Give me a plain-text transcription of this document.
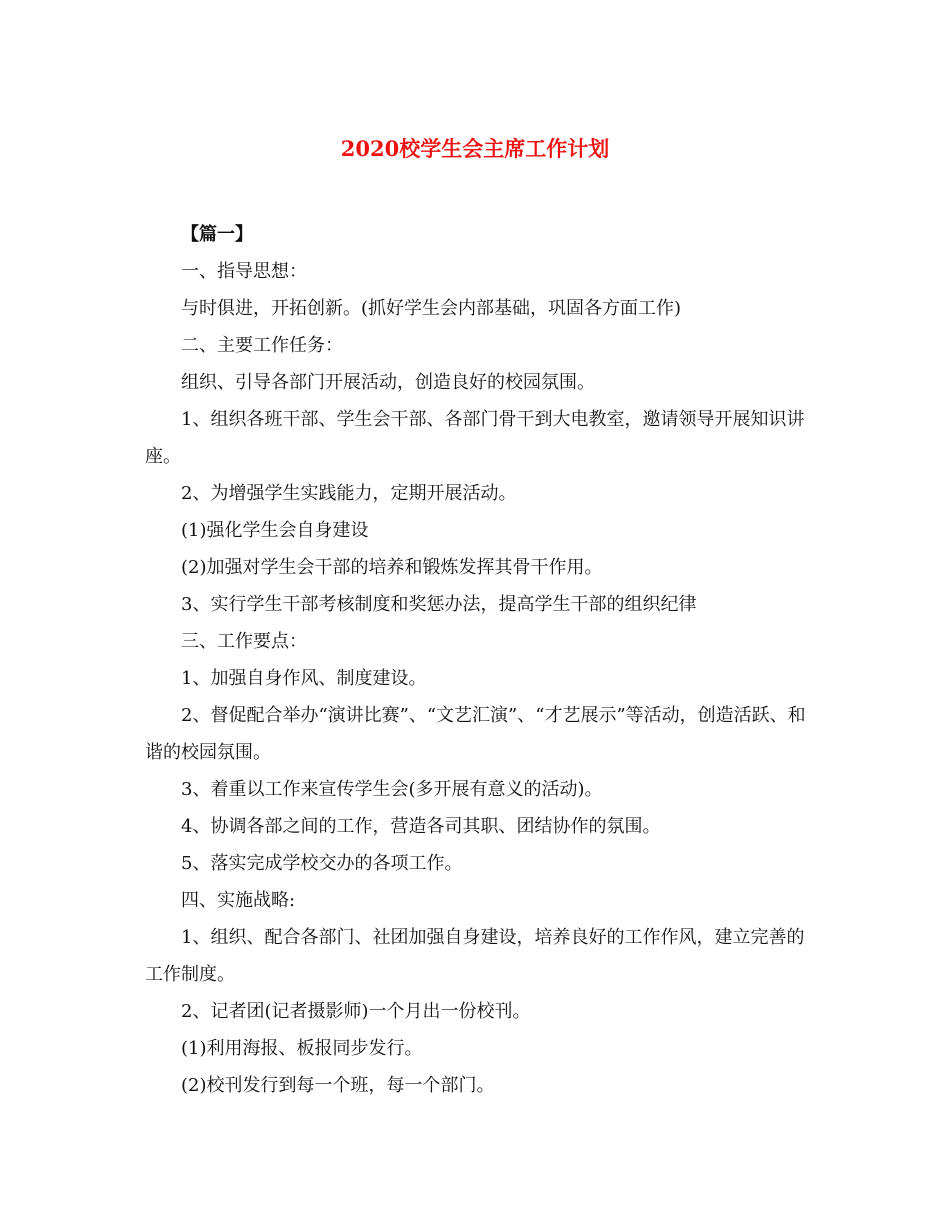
2020校学生会主席工作计划

【篇一】

一、指导思想：

与时俱进，开拓创新。(抓好学生会内部基础，巩固各方面工作)

二、主要工作任务：

组织、引导各部门开展活动，创造良好的校园氛围。

1、组织各班干部、学生会干部、各部门骨干到大电教室，邀请领导开展知识讲座。

2、为增强学生实践能力，定期开展活动。

(1)强化学生会自身建设

(2)加强对学生会干部的培养和锻炼发挥其骨干作用。

3、实行学生干部考核制度和奖惩办法，提高学生干部的组织纪律

三、工作要点：

1、加强自身作风、制度建设。

2、督促配合举办“演讲比赛”、“文艺汇演”、“才艺展示”等活动，创造活跃、和谐的校园氛围。

3、着重以工作来宣传学生会(多开展有意义的活动)。

4、协调各部之间的工作，营造各司其职、团结协作的氛围。

5、落实完成学校交办的各项工作。

四、实施战略:

1、组织、配合各部门、社团加强自身建设，培养良好的工作作风，建立完善的工作制度。

2、记者团(记者摄影师)一个月出一份校刊。

(1)利用海报、板报同步发行。

(2)校刊发行到每一个班，每一个部门。
